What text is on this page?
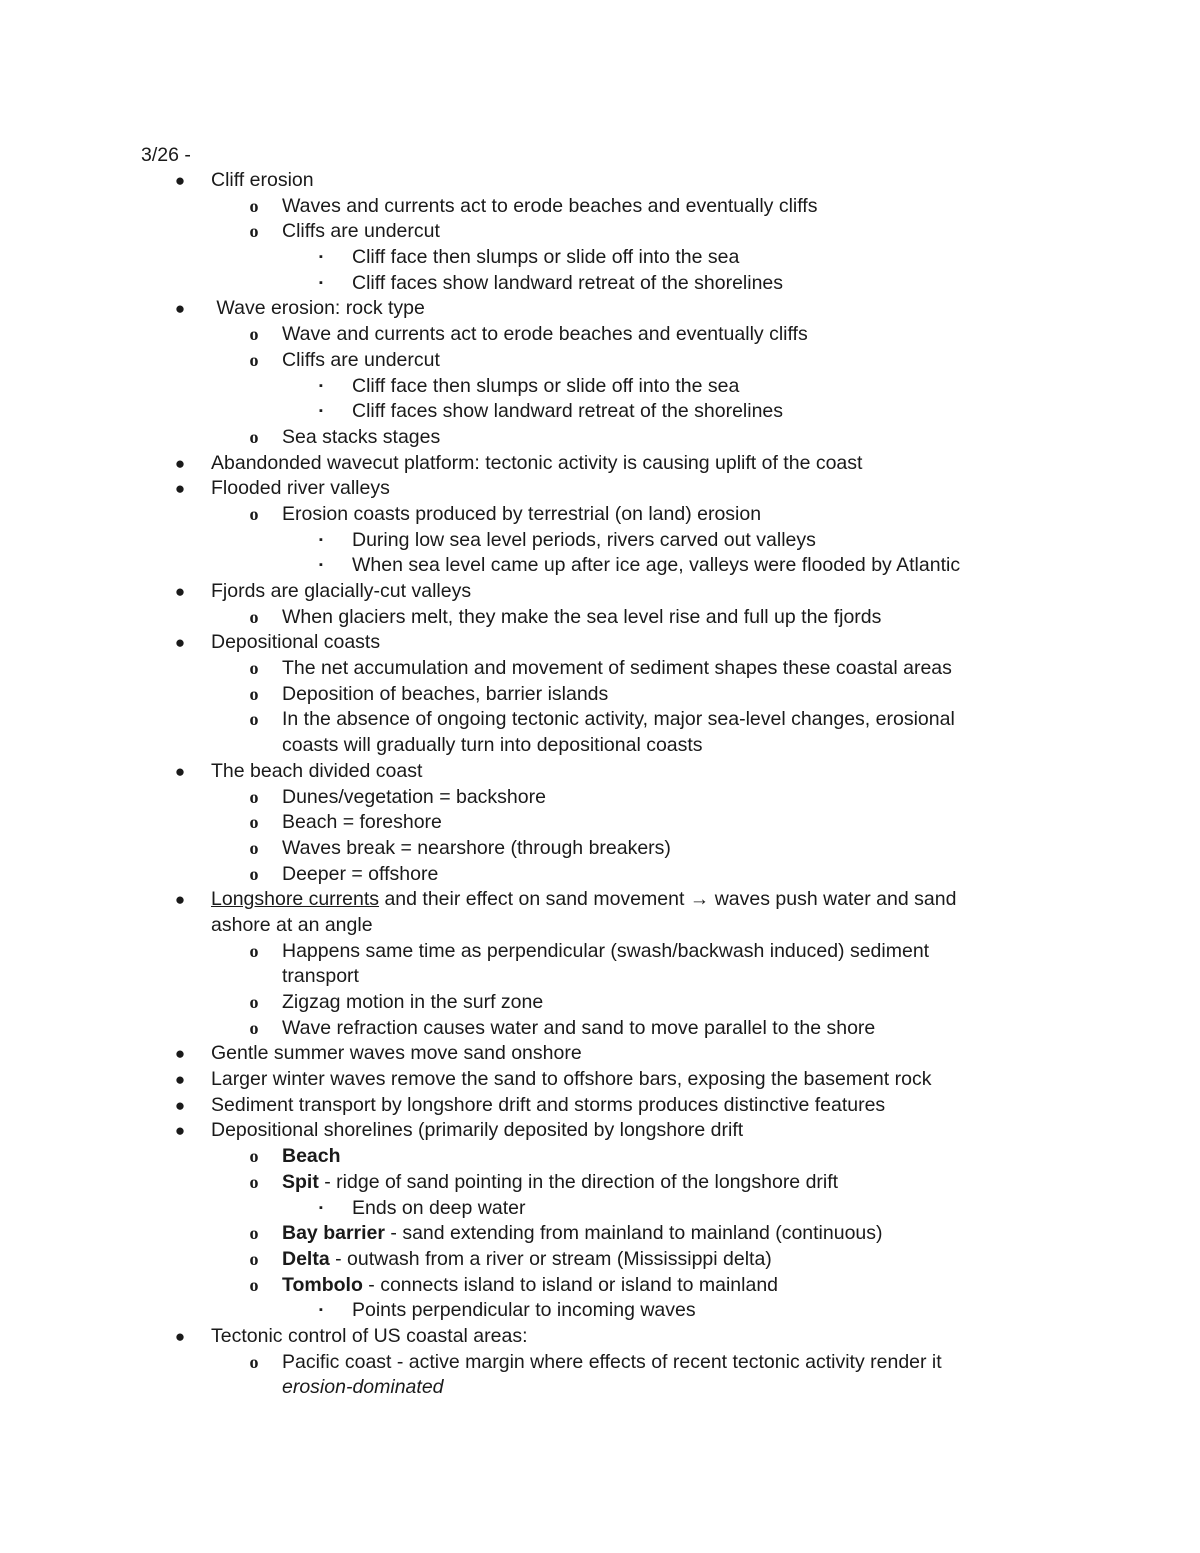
3/26 -
● Cliff erosion
o Waves and currents act to erode beaches and eventually cliffs
o Cliffs are undercut
▪ Cliff face then slumps or slide off into the sea
▪ Cliff faces show landward retreat of the shorelines
● Wave erosion: rock type
o Wave and currents act to erode beaches and eventually cliffs
o Cliffs are undercut
▪ Cliff face then slumps or slide off into the sea
▪ Cliff faces show landward retreat of the shorelines
o Sea stacks stages
● Abandonded wavecut platform: tectonic activity is causing uplift of the coast
● Flooded river valleys
o Erosion coasts produced by terrestrial (on land) erosion
▪ During low sea level periods, rivers carved out valleys
▪ When sea level came up after ice age, valleys were flooded by Atlantic
● Fjords are glacially-cut valleys
o When glaciers melt, they make the sea level rise and full up the fjords
● Depositional coasts
o The net accumulation and movement of sediment shapes these coastal areas
o Deposition of beaches, barrier islands
o In the absence of ongoing tectonic activity, major sea-level changes, erosional
coasts will gradually turn into depositional coasts
● The beach divided coast
o Dunes/vegetation = backshore
o Beach = foreshore
o Waves break = nearshore (through breakers)
o Deeper = offshore
● Longshore currents and their effect on sand movement → waves push water and sand
ashore at an angle
o Happens same time as perpendicular (swash/backwash induced) sediment
transport
o Zigzag motion in the surf zone
o Wave refraction causes water and sand to move parallel to the shore
● Gentle summer waves move sand onshore
● Larger winter waves remove the sand to offshore bars, exposing the basement rock
● Sediment transport by longshore drift and storms produces distinctive features
● Depositional shorelines (primarily deposited by longshore drift
o Beach
o Spit - ridge of sand pointing in the direction of the longshore drift
▪ Ends on deep water
o Bay barrier - sand extending from mainland to mainland (continuous)
o Delta - outwash from a river or stream (Mississippi delta)
o Tombolo - connects island to island or island to mainland
▪ Points perpendicular to incoming waves
● Tectonic control of US coastal areas:
o Pacific coast - active margin where effects of recent tectonic activity render it
erosion-dominated
